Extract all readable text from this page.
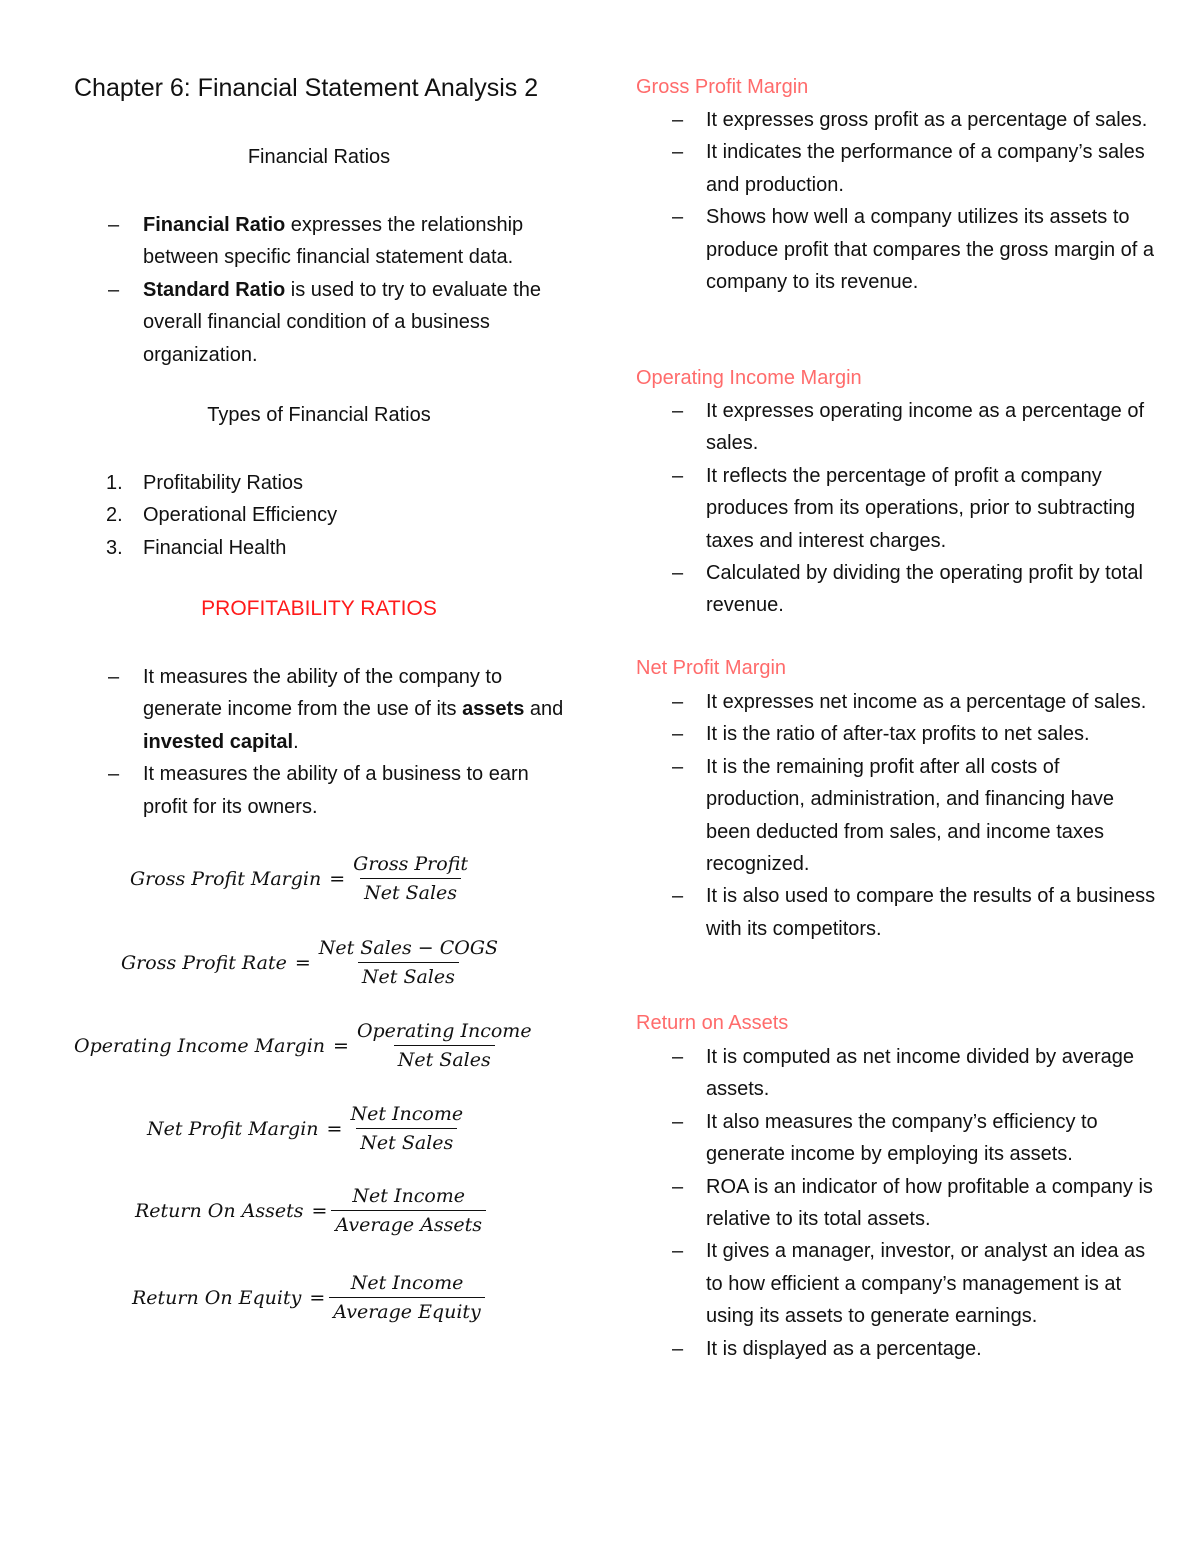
Chapter 6: Financial Statement Analysis 2
Financial Ratios
– Financial Ratio expresses the relationship between specific financial statement data.
– Standard Ratio is used to try to evaluate the overall financial condition of a business organization.
Types of Financial Ratios
1. Profitability Ratios
2. Operational Efficiency
3. Financial Health
PROFITABILITY RATIOS
– It measures the ability of the company to generate income from the use of its assets and invested capital.
– It measures the ability of a business to earn profit for its owners.
Gross Profit Margin = $\frac{\text{Gross Profit}}{\text{Net Sales}}$
Gross Profit Rate = $\frac{\text{Net Sales − COGS}}{\text{Net Sales}}$
Operating Income Margin = $\frac{\text{Operating Income}}{\text{Net Sales}}$
Net Profit Margin = $\frac{\text{Net Income}}{\text{Net Sales}}$
Return On Assets = $\frac{\text{Net Income}}{\text{Average Assets}}$
Return On Equity = $\frac{\text{Net Income}}{\text{Average Equity}}$
Gross Profit Margin
– It expresses gross profit as a percentage of sales.
– It indicates the performance of a company’s sales and production.
– Shows how well a company utilizes its assets to produce profit that compares the gross margin of a company to its revenue.
Operating Income Margin
– It expresses operating income as a percentage of sales.
– It reflects the percentage of profit a company produces from its operations, prior to subtracting taxes and interest charges.
– Calculated by dividing the operating profit by total revenue.
Net Profit Margin
– It expresses net income as a percentage of sales.
– It is the ratio of after-tax profits to net sales.
– It is the remaining profit after all costs of production, administration, and financing have been deducted from sales, and income taxes recognized.
– It is also used to compare the results of a business with its competitors.
Return on Assets
– It is computed as net income divided by average assets.
– It also measures the company’s efficiency to generate income by employing its assets.
– ROA is an indicator of how profitable a company is relative to its total assets.
– It gives a manager, investor, or analyst an idea as to how efficient a company’s management is at using its assets to generate earnings.
– It is displayed as a percentage.
